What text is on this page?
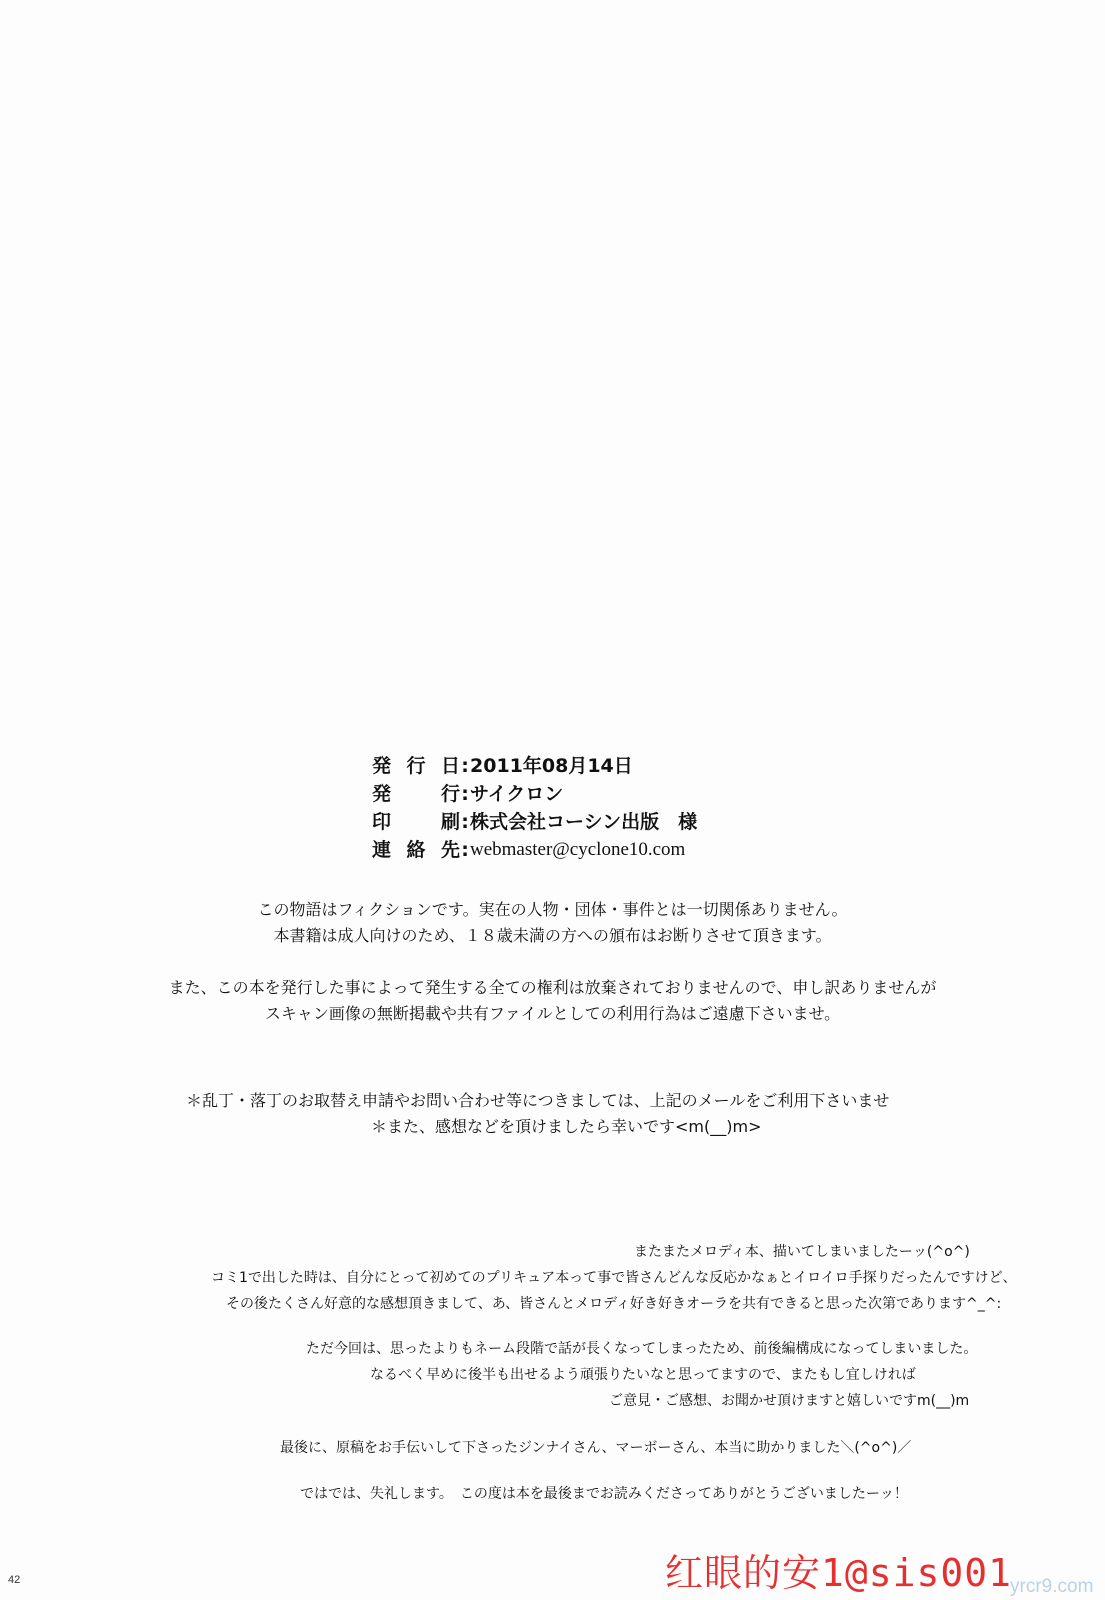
発行日 : 2011年08月14日
発行 : サイクロン
印刷 : 株式会社コーシン出版　様
連絡先 : webmaster@cyclone10.com
この物語はフィクションです。実在の人物・団体・事件とは一切関係ありません。
本書籍は成人向けのため、１８歳未満の方への頒布はお断りさせて頂きます。
また、この本を発行した事によって発生する全ての権利は放棄されておりませんので、申し訳ありませんが
スキャン画像の無断掲載や共有ファイルとしての利用行為はご遠慮下さいませ。
＊乱丁・落丁のお取替え申請やお問い合わせ等につきましては、上記のメールをご利用下さいませ
＊また、感想などを頂けましたら幸いです<m(__)m>
またまたメロディ本、描いてしまいましたーッ(^o^)
コミ1で出した時は、自分にとって初めてのプリキュア本って事で皆さんどんな反応かなぁとイロイロ手探りだったんですけど、
その後たくさん好意的な感想頂きまして、あ、皆さんとメロディ好き好きオーラを共有できると思った次第であります^_^:
ただ今回は、思ったよりもネーム段階で話が長くなってしまったため、前後編構成になってしまいました。
なるべく早めに後半も出せるよう頑張りたいなと思ってますので、またもし宜しければ
ご意見・ご感想、お聞かせ頂けますと嬉しいですm(__)m
最後に、原稿をお手伝いして下さったジンナイさん、マーボーさん、本当に助かりました＼(^o^)／
ではでは、失礼します。　この度は本を最後までお読みくださってありがとうございましたーッ！
42	红眼的安1@sis001
yrcr9.com
